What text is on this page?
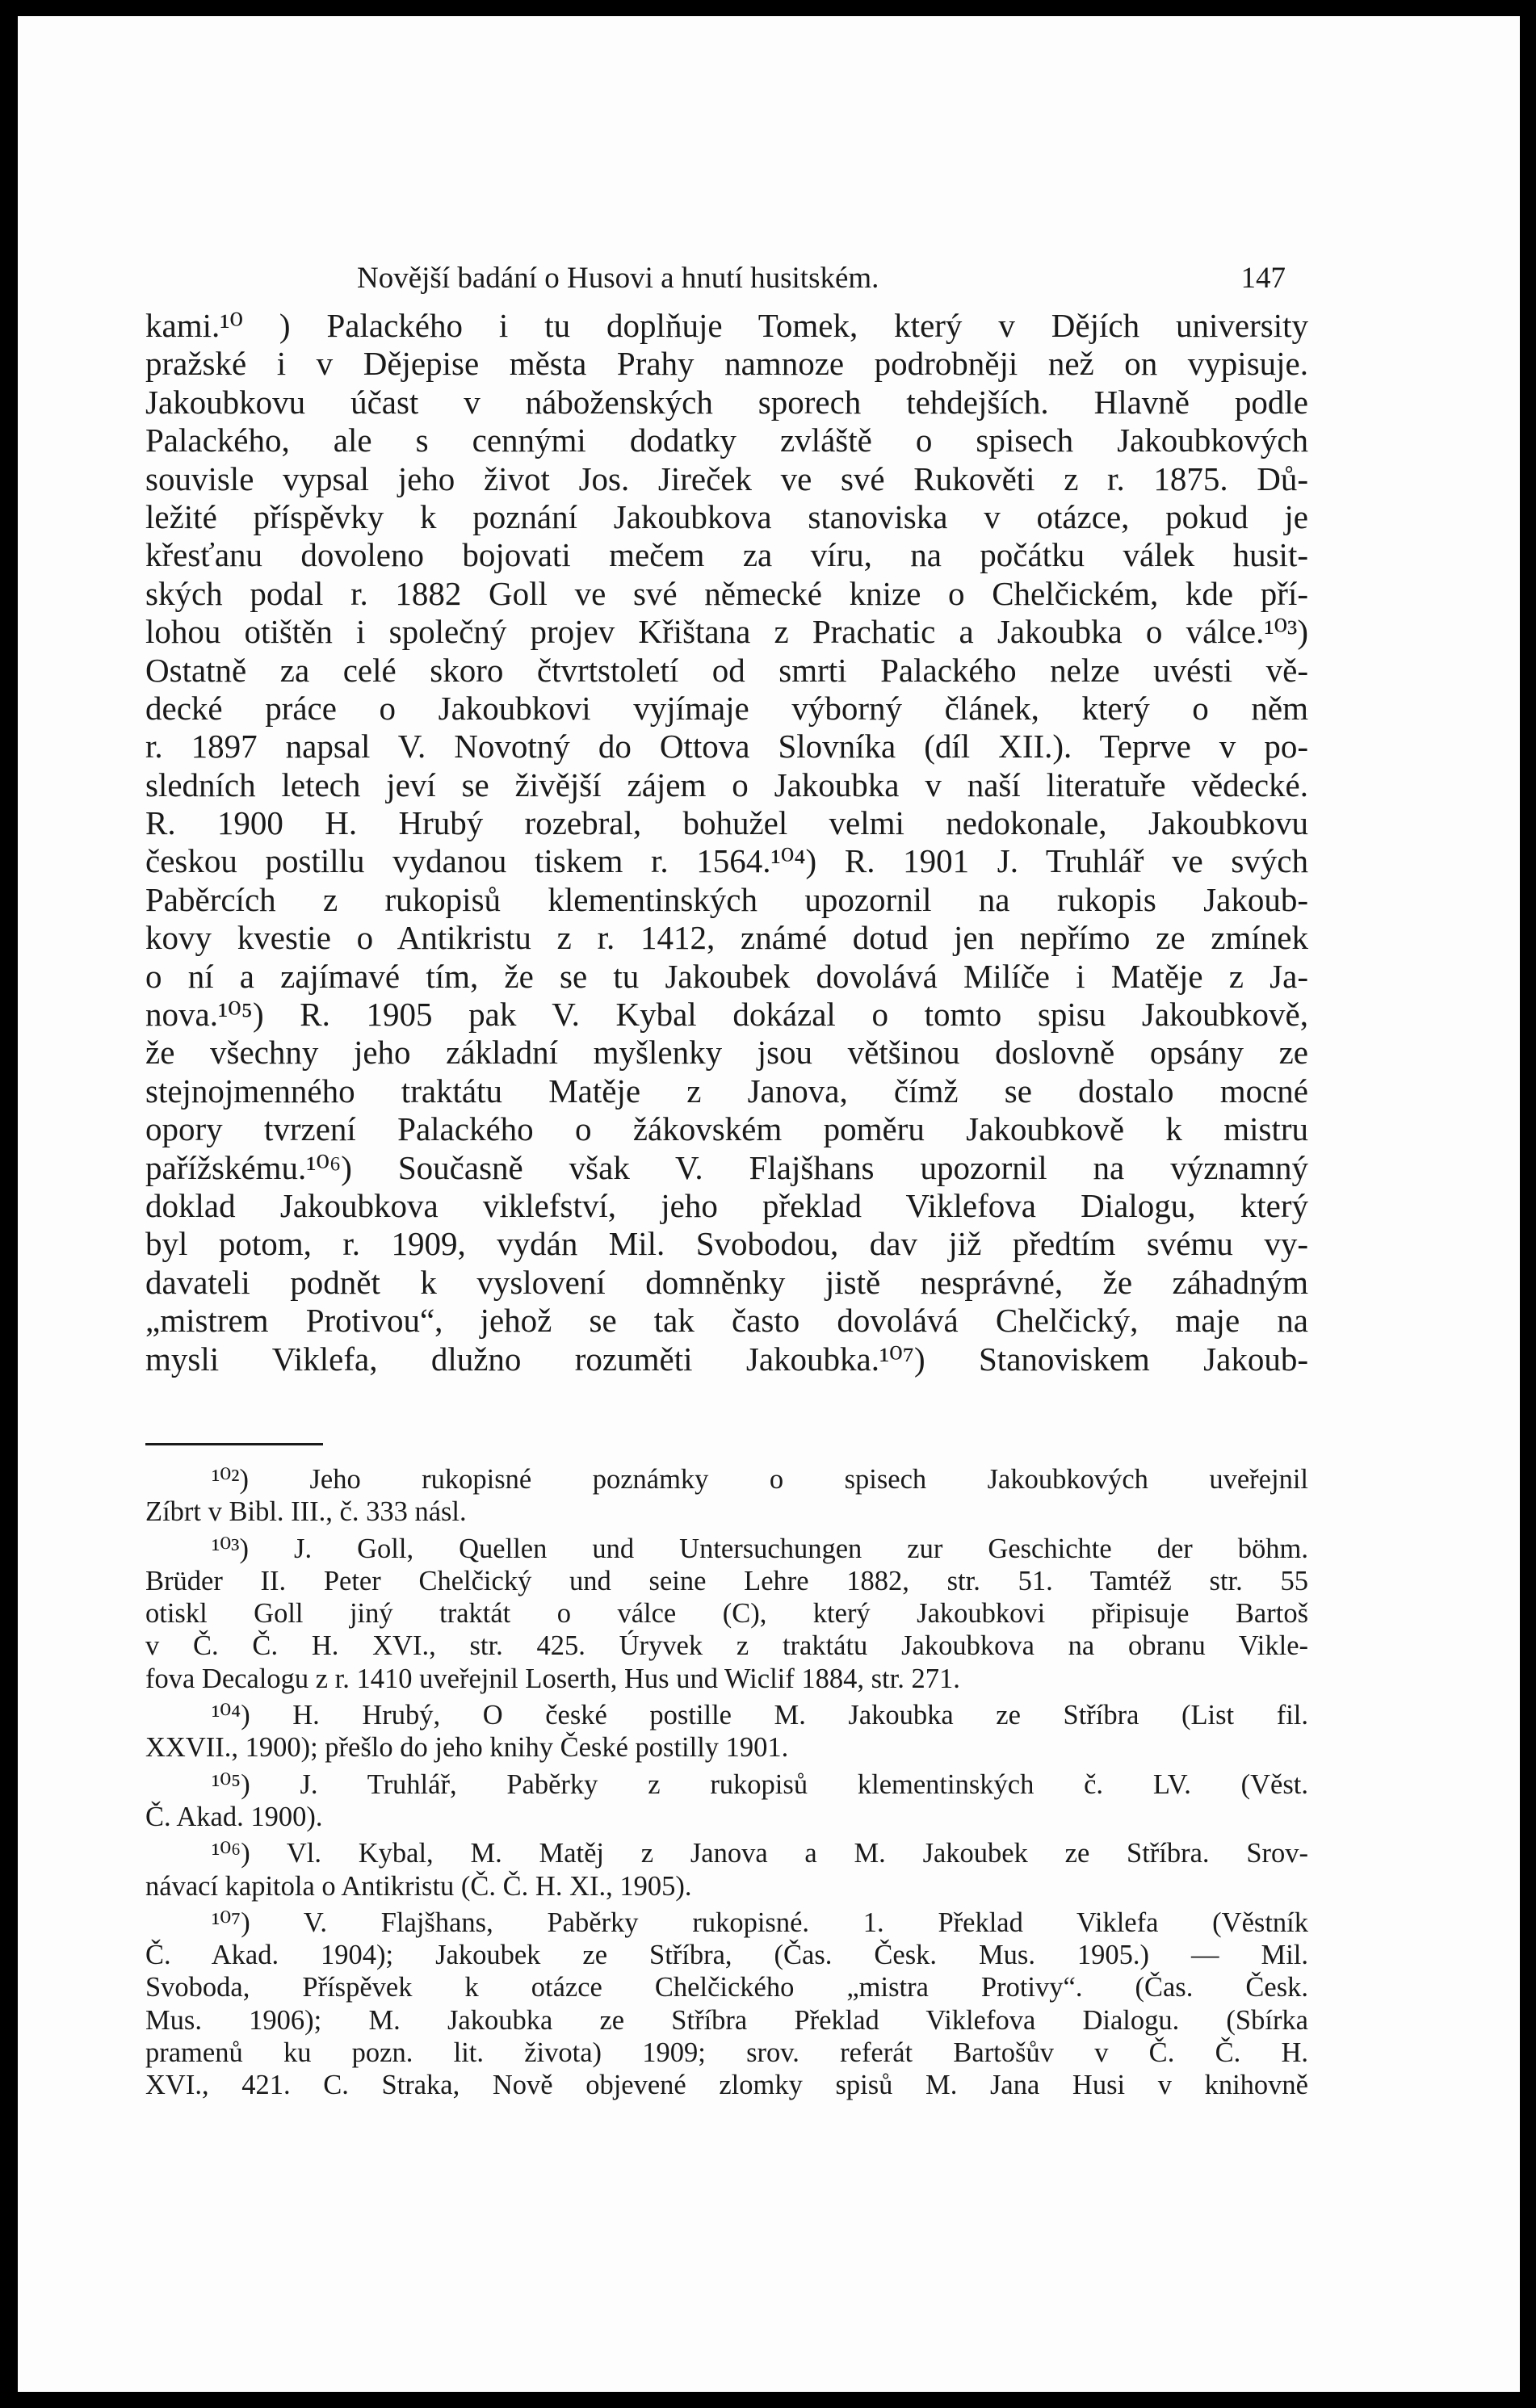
Novější badání o Husovi a hnutí husitském.	147
kami.¹⁰ ) Palackého i tu doplňuje Tomek, který v Dějích university
pražské i v Dějepise města Prahy namnoze podrobněji než on vypisuje.
Jakoubkovu účast v náboženských sporech tehdejších. Hlavně podle
Palackého, ale s cennými dodatky zvláště o spisech Jakoubkových
souvisle vypsal jeho život Jos. Jireček ve své Rukověti z r. 1875. Dů-
ležité příspěvky k poznání Jakoubkova stanoviska v otázce, pokud je
křesťanu dovoleno bojovati mečem za víru, na počátku válek husit-
ských podal r. 1882 Goll ve své německé knize o Chelčickém, kde pří-
lohou otištěn i společný projev Křištana z Prachatic a Jakoubka o válce.¹⁰³)
Ostatně za celé skoro čtvrtstoletí od smrti Palackého nelze uvésti vě-
decké práce o Jakoubkovi vyjímaje výborný článek, který o něm
r. 1897 napsal V. Novotný do Ottova Slovníka (díl XII.). Teprve v po-
sledních letech jeví se živější zájem o Jakoubka v naší literatuře vědecké.
R. 1900 H. Hrubý rozebral, bohužel velmi nedokonale, Jakoubkovu
českou postillu vydanou tiskem r. 1564.¹⁰⁴) R. 1901 J. Truhlář ve svých
Paběrcích z rukopisů klementinských upozornil na rukopis Jakoub-
kovy kvestie o Antikristu z r. 1412, známé dotud jen nepřímo ze zmínek
o ní a zajímavé tím, že se tu Jakoubek dovolává Milíče i Matěje z Ja-
nova.¹⁰⁵) R. 1905 pak V. Kybal dokázal o tomto spisu Jakoubkově,
že všechny jeho základní myšlenky jsou většinou doslovně opsány ze
stejnojmenného traktátu Matěje z Janova, čímž se dostalo mocné
opory tvrzení Palackého o žákovském poměru Jakoubkově k mistru
pařížskému.¹⁰⁶) Současně však V. Flajšhans upozornil na významný
doklad Jakoubkova viklefství, jeho překlad Viklefova Dialogu, který
byl potom, r. 1909, vydán Mil. Svobodou, dav již předtím svému vy-
davateli podnět k vyslovení domněnky jistě nesprávné, že záhadným
„mistrem Protivou“, jehož se tak často dovolává Chelčický, maje na
mysli Viklefa, dlužno rozuměti Jakoubka.¹⁰⁷) Stanoviskem Jakoub-
¹⁰²) Jeho rukopisné poznámky o spisech Jakoubkových uveřejnil
Zíbrt v Bibl. III., č. 333 násl.
¹⁰³) J. Goll, Quellen und Untersuchungen zur Geschichte der böhm.
Brüder II. Peter Chelčický und seine Lehre 1882, str. 51. Tamtéž str. 55
otiskl Goll jiný traktát o válce (C), který Jakoubkovi připisuje Bartoš
v Č. Č. H. XVI., str. 425. Úryvek z traktátu Jakoubkova na obranu Vikle-
fova Decalogu z r. 1410 uveřejnil Loserth, Hus und Wiclif 1884, str. 271.
¹⁰⁴) H. Hrubý, O české postille M. Jakoubka ze Stříbra (List fil.
XXVII., 1900); přešlo do jeho knihy České postilly 1901.
¹⁰⁵) J. Truhlář, Paběrky z rukopisů klementinských č. LV. (Věst.
Č. Akad. 1900).
¹⁰⁶) Vl. Kybal, M. Matěj z Janova a M. Jakoubek ze Stříbra. Srov-
návací kapitola o Antikristu (Č. Č. H. XI., 1905).
¹⁰⁷) V. Flajšhans, Paběrky rukopisné. 1. Překlad Viklefa (Věstník
Č. Akad. 1904); Jakoubek ze Stříbra, (Čas. Česk. Mus. 1905.) — Mil.
Svoboda, Příspěvek k otázce Chelčického „mistra Protivy“. (Čas. Česk.
Mus. 1906); M. Jakoubka ze Stříbra Překlad Viklefova Dialogu. (Sbírka
pramenů ku pozn. lit. života) 1909; srov. referát Bartošův v Č. Č. H.
XVI., 421. C. Straka, Nově objevené zlomky spisů M. Jana Husi v knihovně
